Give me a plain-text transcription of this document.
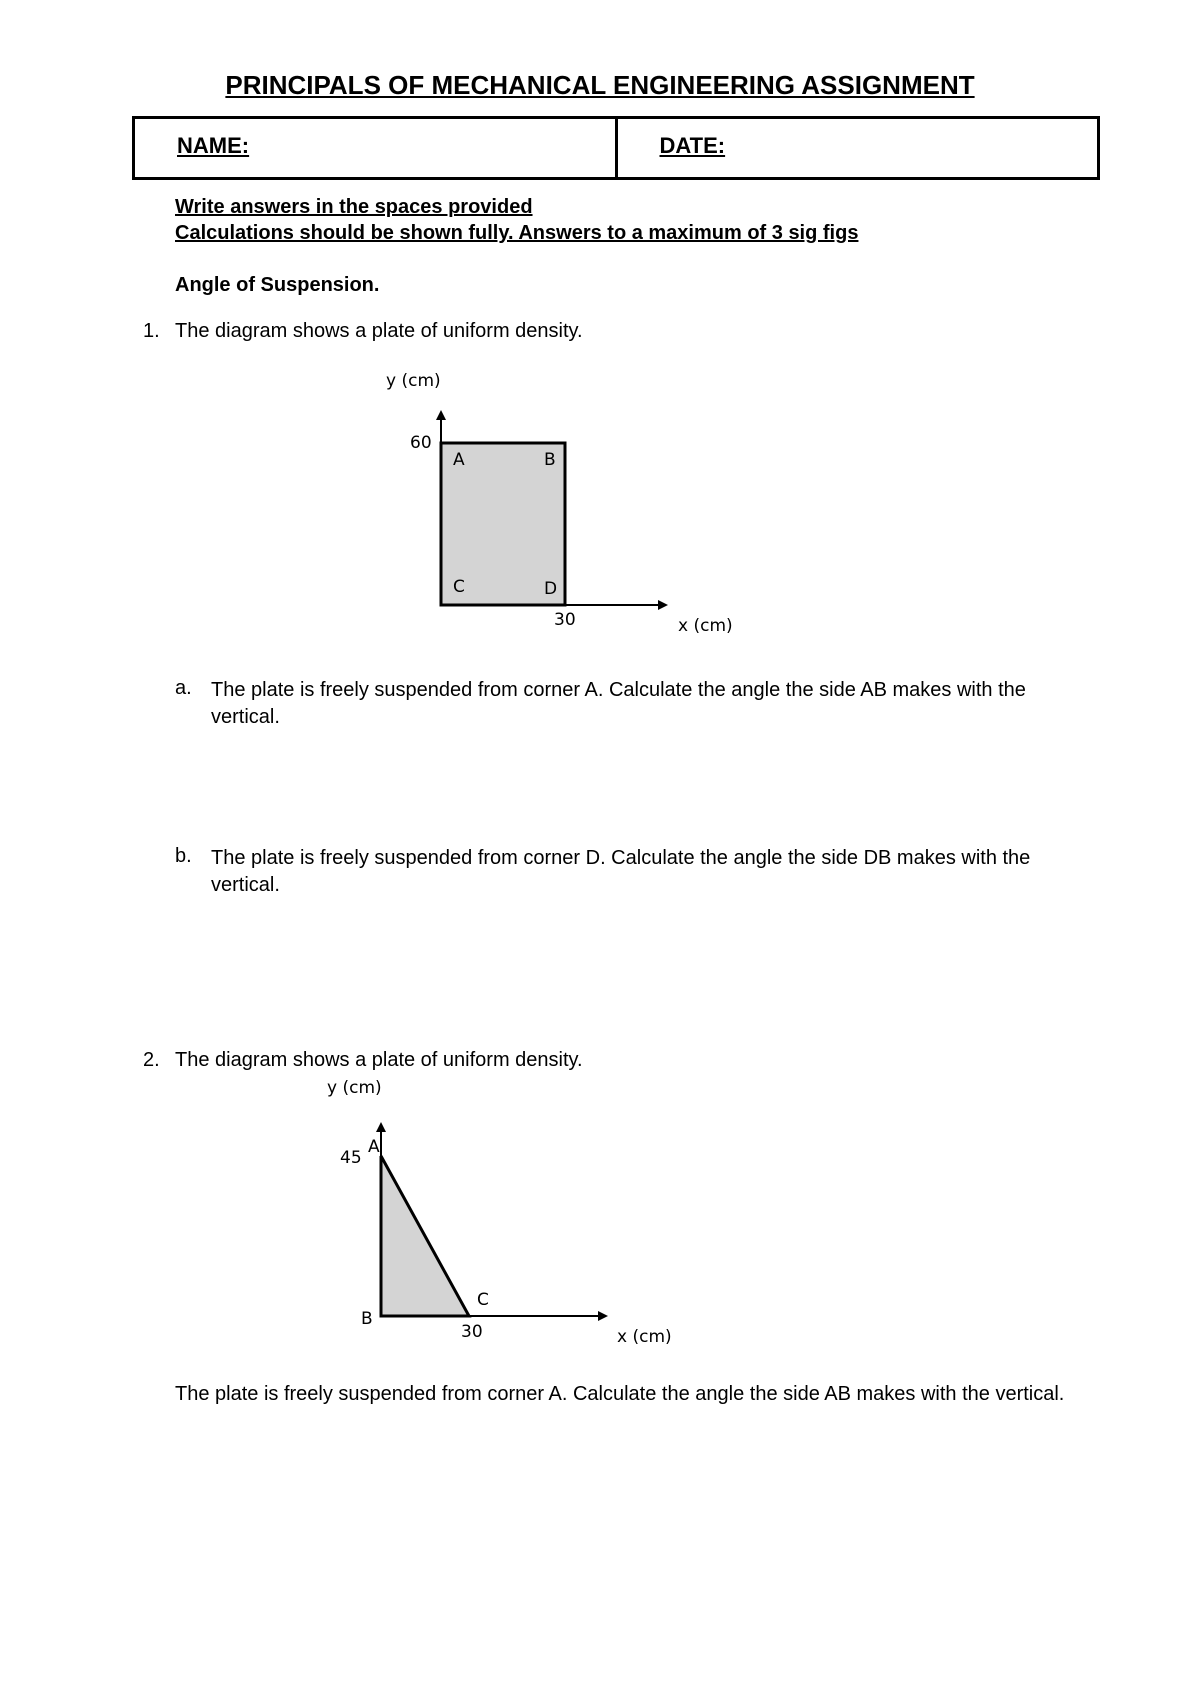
PRINCIPALS OF MECHANICAL ENGINEERING ASSIGNMENT
NAME:	DATE:
Write answers in the spaces provided
Calculations should be shown fully. Answers to a maximum of 3 sig figs
Angle of Suspension.
1. The diagram shows a plate of uniform density.
y (cm)
x (cm)
60
30
A	B
C	D
a. The plate is freely suspended from corner A. Calculate the angle the side AB makes with the vertical.
b. The plate is freely suspended from corner D. Calculate the angle the side DB makes with the vertical.
2. The diagram shows a plate of uniform density.
y (cm)
x (cm)
45
30
A
B
C
The plate is freely suspended from corner A. Calculate the angle the side AB makes with the vertical.
